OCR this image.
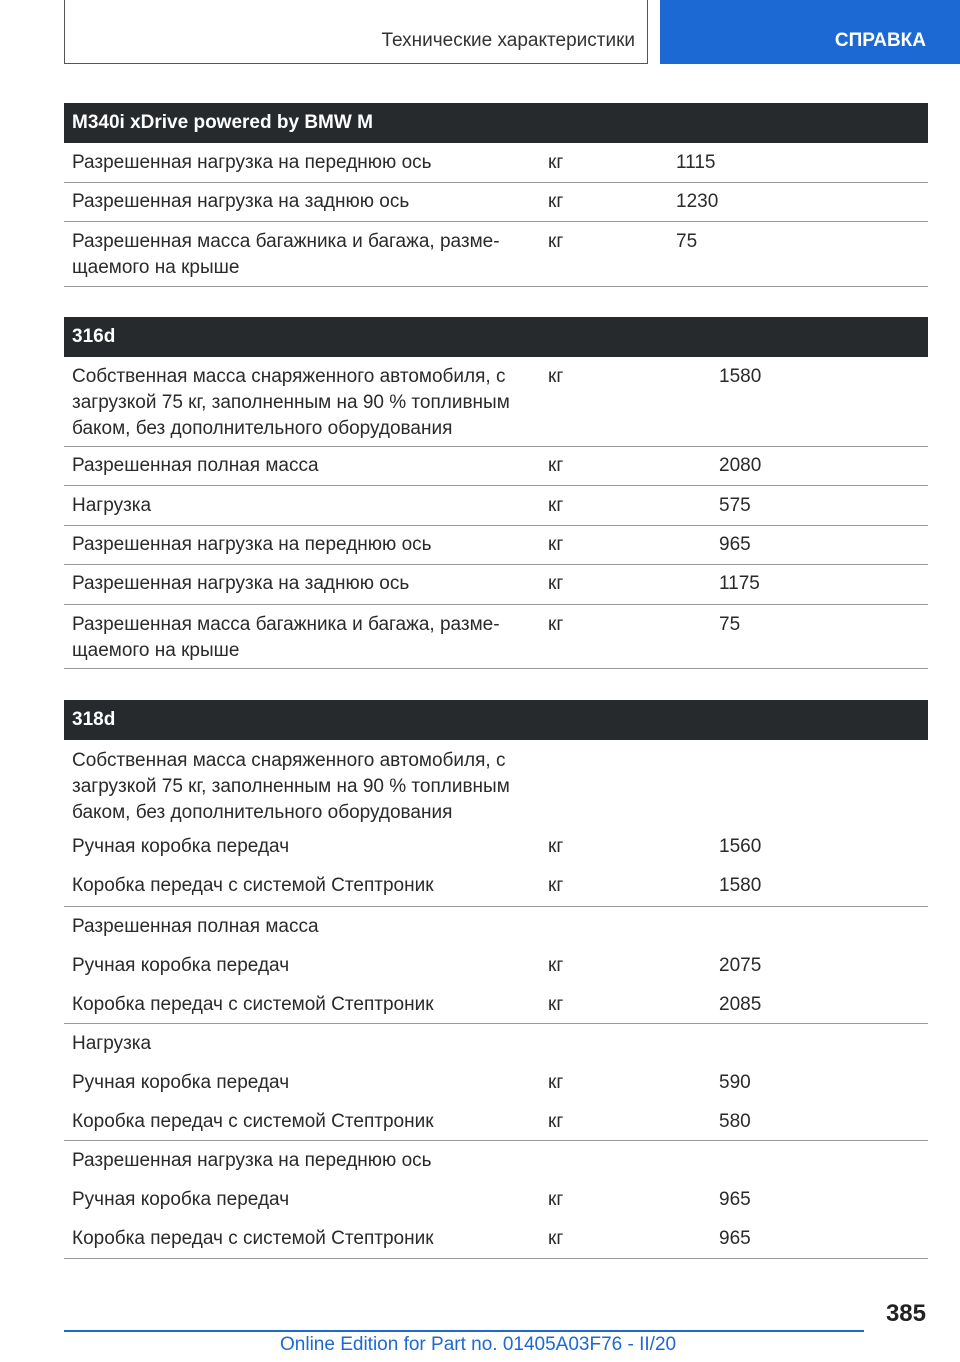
Технические характеристики	СПРАВКА
M340i xDrive powered by BMW M
Разрешенная нагрузка на переднюю ось	кг	1115
Разрешенная нагрузка на заднюю ось	кг	1230
Разрешенная масса багажника и багажа, разме-
щаемого на крыше
кг	75
316d
Собственная масса снаряженного автомобиля, с загрузкой 75 кг, заполненным на 90 % топливным баком, без дополнительного оборудования
кг	1580
Разрешенная полная масса	кг	2080
Нагрузка	кг	575
Разрешенная нагрузка на переднюю ось	кг	965
Разрешенная нагрузка на заднюю ось	кг	1175
Разрешенная масса багажника и багажа, разме-
щаемого на крыше
кг	75
318d
Собственная масса снаряженного автомобиля, с загрузкой 75 кг, заполненным на 90 % топливным баком, без дополнительного оборудования
Ручная коробка передач	кг	1560
Коробка передач с системой Стептроник	кг	1580
Разрешенная полная масса
Ручная коробка передач	кг	2075
Коробка передач с системой Стептроник	кг	2085
Нагрузка
Ручная коробка передач	кг	590
Коробка передач с системой Стептроник	кг	580
Разрешенная нагрузка на переднюю ось
Ручная коробка передач	кг	965
Коробка передач с системой Стептроник	кг	965
385
Online Edition for Part no. 01405A03F76 - II/20
